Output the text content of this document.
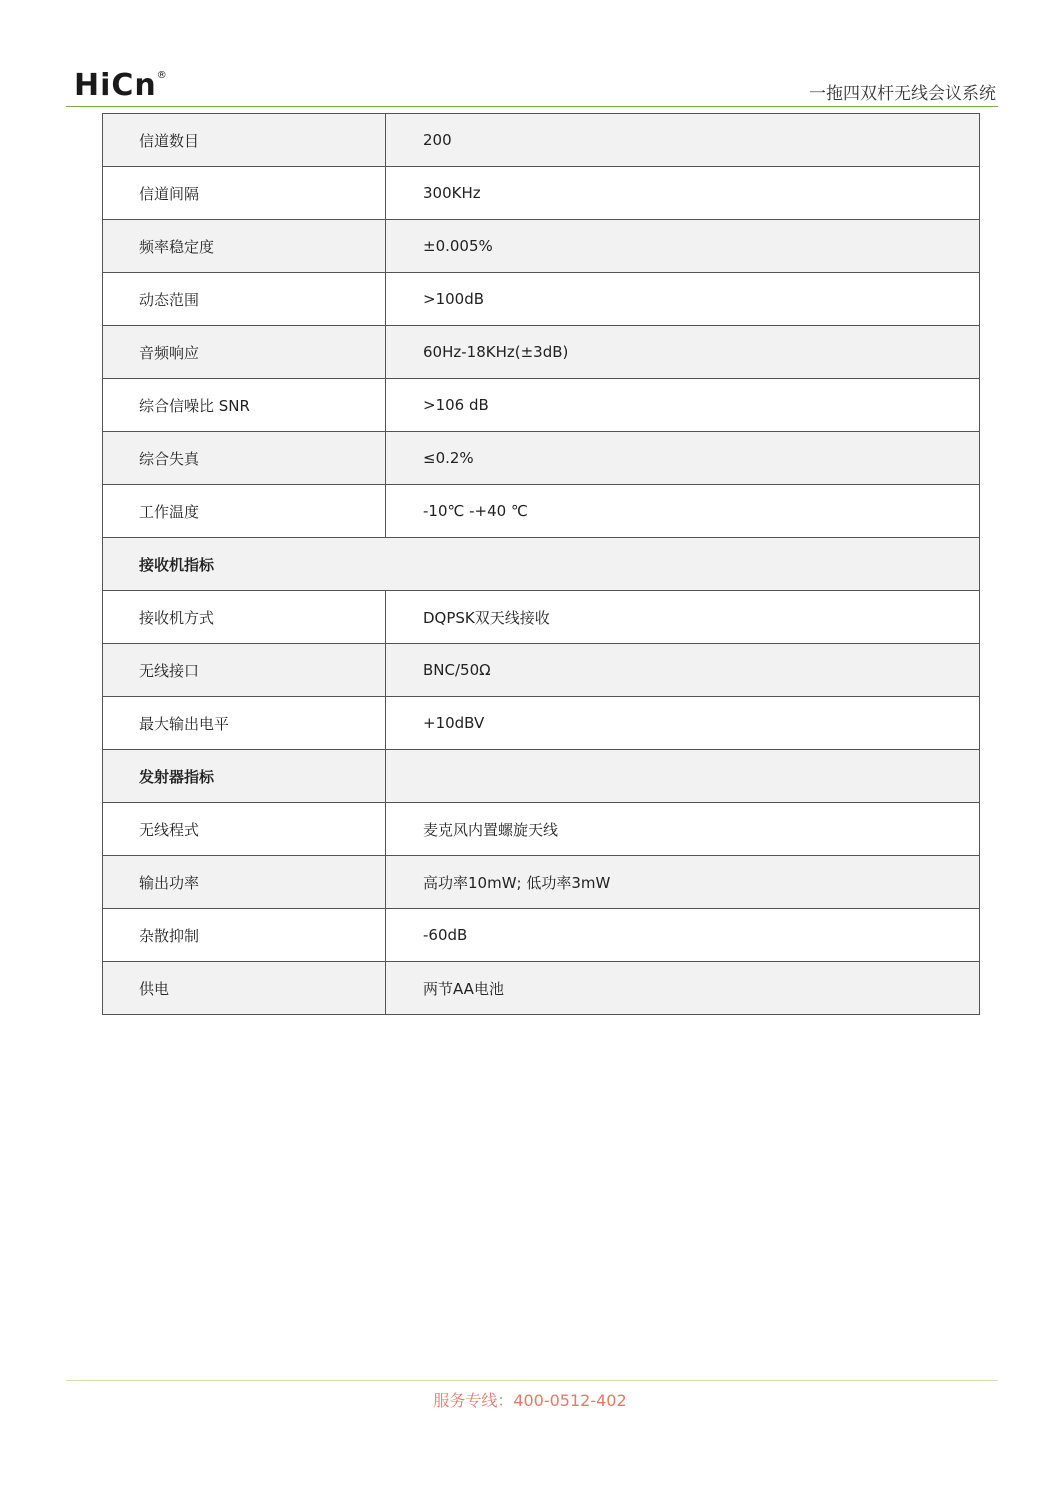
HiCn®
一拖四双杆无线会议系统
信道数目	200
信道间隔	300KHz
频率稳定度	±0.005%
动态范围	>100dB
音频响应	60Hz-18KHz(±3dB)
综合信噪比 SNR	>106 dB
综合失真	≤0.2%
工作温度	-10℃ -+40 ℃
接收机指标	
接收机方式	DQPSK双天线接收
无线接口	BNC/50Ω
最大输出电平	+10dBV
发射器指标	
无线程式	麦克风内置螺旋天线
输出功率	高功率10mW; 低功率3mW
杂散抑制	-60dB
供电	两节AA电池
服务专线：400-0512-402
